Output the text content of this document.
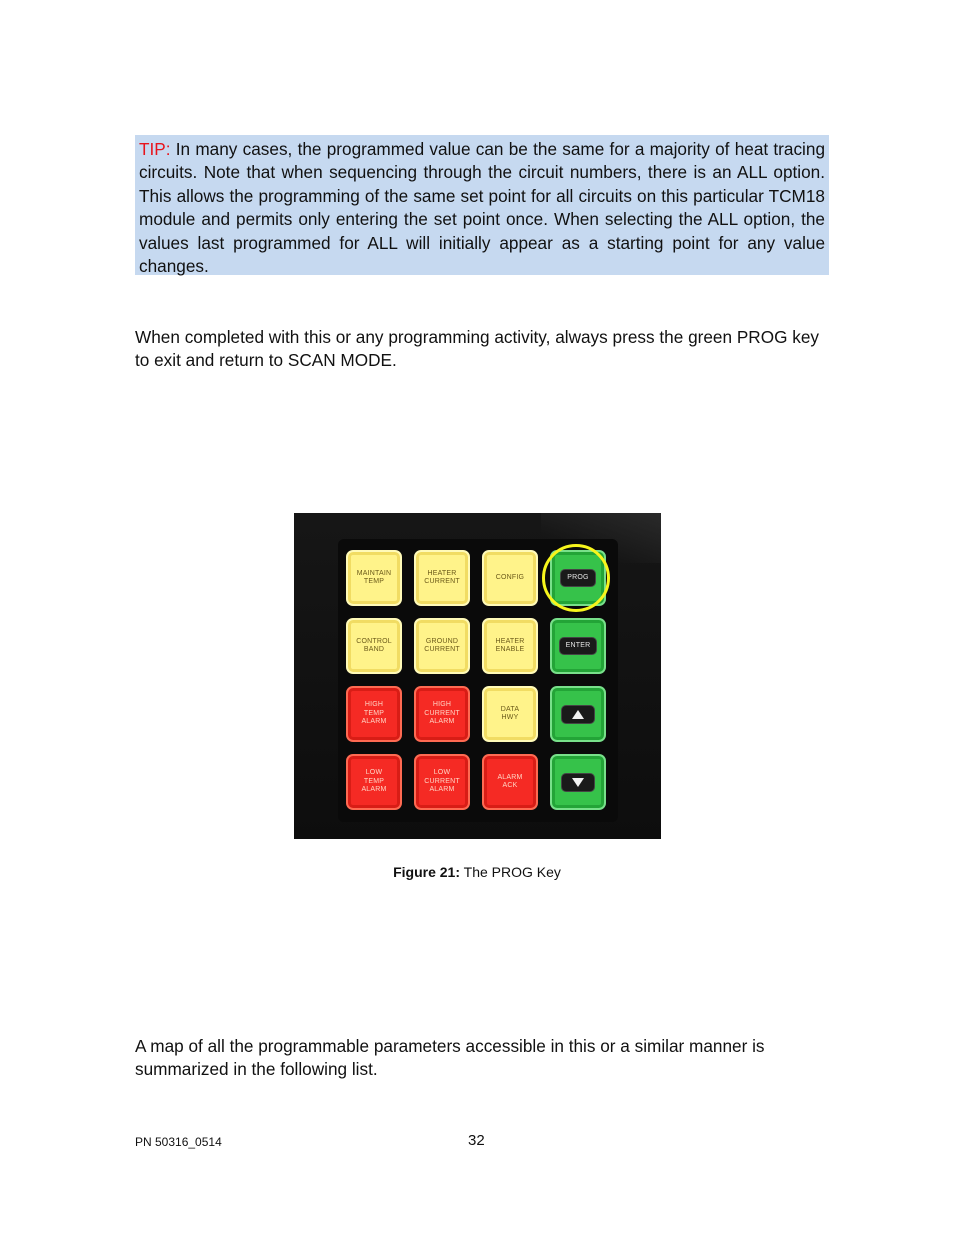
TIP: In many cases, the programmed value can be the same for a majority of heat tracing circuits. Note that when sequencing through the circuit numbers, there is an ALL option. This allows the programming of the same set point for all circuits on this particular TCM18 module and permits only entering the set point once. When selecting the ALL option, the values last programmed for ALL will initially appear as a starting point for any value changes.

When completed with this or any programming activity, always press the green PROG key to exit and return to SCAN MODE.

MAINTAIN
TEMP
HEATER
CURRENT
CONFIG	PROG
CONTROL
BAND
GROUND
CURRENT
HEATER
ENABLE
ENTER
HIGH
TEMP
ALARM
HIGH
CURRENT
ALARM
DATA
HWY
LOW
TEMP
ALARM
LOW
CURRENT
ALARM
ALARM
ACK
Figure 21: The PROG Key

A map of all the programmable parameters accessible in this or a similar manner is summarized in the following list.

PN 50316_0514	32
